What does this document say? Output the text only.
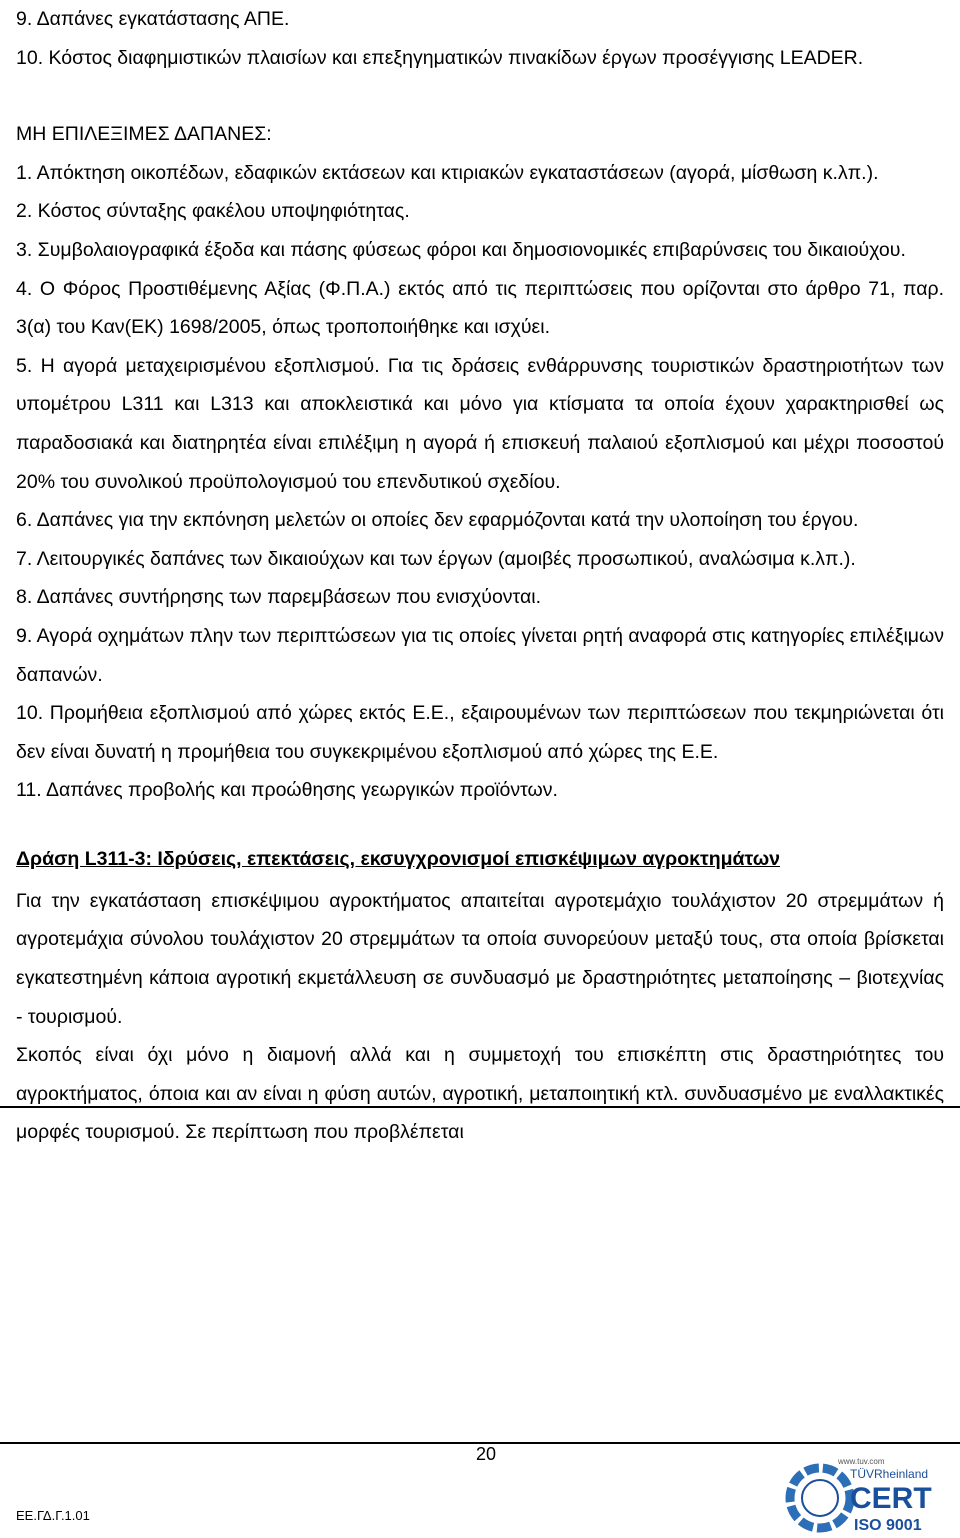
9. Δαπάνες εγκατάστασης ΑΠΕ.

10. Κόστος διαφημιστικών πλαισίων και επεξηγηματικών πινακίδων έργων προσέγγισης LEADER.

ΜΗ ΕΠΙΛΕΞΙΜΕΣ ΔΑΠΑΝΕΣ:

1. Απόκτηση οικοπέδων, εδαφικών εκτάσεων και κτιριακών εγκαταστάσεων (αγορά, μίσθωση κ.λπ.).

2. Κόστος σύνταξης φακέλου υποψηφιότητας.

3. Συμβολαιογραφικά έξοδα και πάσης φύσεως φόροι και δημοσιονομικές επιβαρύνσεις του δικαιούχου.

4. Ο Φόρος Προστιθέμενης Αξίας (Φ.Π.Α.) εκτός από τις περιπτώσεις που ορίζονται στο άρθρο 71, παρ. 3(α) του Καν(ΕΚ) 1698/2005, όπως τροποποιήθηκε και ισχύει.

5. Η αγορά μεταχειρισμένου εξοπλισμού. Για τις δράσεις ενθάρρυνσης τουριστικών δραστηριοτήτων των υπομέτρου L311 και L313 και αποκλειστικά και μόνο για κτίσματα τα οποία έχουν χαρακτηρισθεί ως παραδοσιακά και διατηρητέα είναι επιλέξιμη η αγορά ή επισκευή παλαιού εξοπλισμού και μέχρι ποσοστού 20% του συνολικού προϋπολογισμού του επενδυτικού σχεδίου.

6. Δαπάνες για την εκπόνηση μελετών οι οποίες δεν εφαρμόζονται κατά την υλοποίηση του έργου.

7. Λειτουργικές δαπάνες των δικαιούχων και των έργων (αμοιβές προσωπικού, αναλώσιμα κ.λπ.).

8. Δαπάνες συντήρησης των παρεμβάσεων που ενισχύονται.

9. Αγορά οχημάτων πλην των περιπτώσεων για τις οποίες γίνεται ρητή αναφορά στις κατηγορίες επιλέξιμων δαπανών.

10. Προμήθεια εξοπλισμού από χώρες εκτός Ε.Ε., εξαιρουμένων των περιπτώσεων που τεκμηριώνεται ότι δεν είναι δυνατή η προμήθεια του συγκεκριμένου εξοπλισμού από χώρες της Ε.Ε.

11. Δαπάνες προβολής και προώθησης γεωργικών προϊόντων.

Δράση L311-3: Ιδρύσεις, επεκτάσεις, εκσυγχρονισμοί επισκέψιμων αγροκτημάτων

Για την εγκατάσταση επισκέψιμου αγροκτήματος απαιτείται αγροτεμάχιο τουλάχιστον 20 στρεμμάτων ή αγροτεμάχια σύνολου τουλάχιστον 20 στρεμμάτων τα οποία συνορεύουν μεταξύ τους, στα οποία βρίσκεται εγκατεστημένη κάποια αγροτική εκμετάλλευση σε συνδυασμό με δραστηριότητες μεταποίησης – βιοτεχνίας - τουρισμού.

Σκοπός είναι όχι μόνο η διαμονή αλλά και η συμμετοχή του επισκέπτη στις δραστηριότητες του αγροκτήματος, όποια και αν είναι η φύση αυτών, αγροτική, μεταποιητική κτλ. συνδυασμένο με εναλλακτικές μορφές τουρισμού. Σε περίπτωση που προβλέπεται

20
ΕΕ.ΓΔ.Γ.1.01
www.tuv.com
TÜVRheinland
CERT
ISO 9001
